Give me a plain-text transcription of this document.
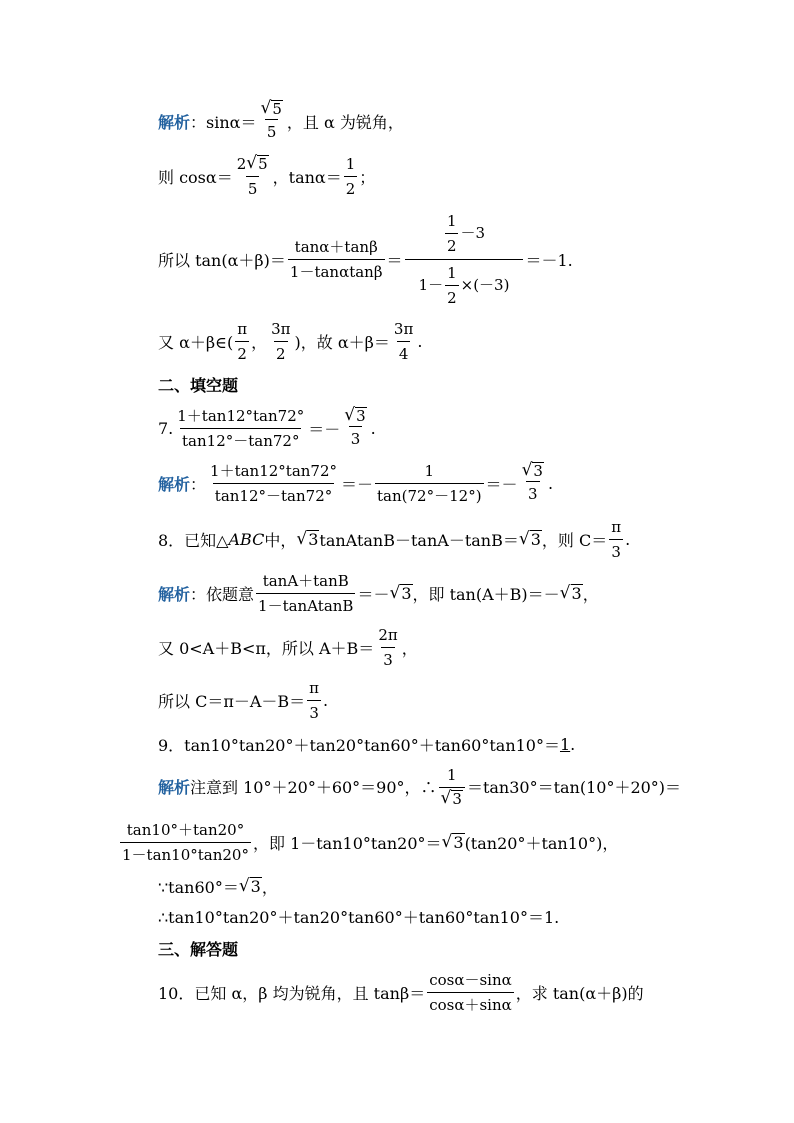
解析 ： $\sin\alpha= \frac{√ 5}{5}$ ，且 α 为锐角，
则 $\cos\alpha= \frac{2 √ 5}{5}$ ，$\tan\alpha= \frac{1}{2}$ ；
所以 $\tan(\alpha+\beta)= \frac{\tan\alpha+\tan\beta}{1-\tan\alpha\tan\beta} = \frac{\frac{1}{2} -3}{1- \frac{1}{2} \times(-3)} =-1$.
又 α＋β∈( $\frac{\pi}{2}$ ， $\frac{3\pi}{2}$ )，故 $\alpha+\beta= \frac{3\pi}{4}$ .
二、填空题
7. $\frac{1+\tan 12^\circ\tan 72^\circ}{\tan 12^\circ-\tan 72^\circ} =- \frac{√ 3}{3}$ .
解析 ： $\frac{1+\tan 12^\circ\tan 72^\circ}{\tan 12^\circ-\tan 72^\circ} =- \frac{1}{\tan(72^\circ-12^\circ)} =- \frac{√ 3}{3}$ .
8．已知△ ABC 中， √ 3 tanAtanB－tanA－tanB＝ √ 3 ，则 $C= \frac{\pi}{3}$ .
解析 ： 依题意 $\frac{\tan A+\tan B}{\text{1－tanAtanB}}$ ＝－ √ 3 ，即 tan(A＋B)＝－ √ 3 ，
又 0<A＋B<π，所以 $A+B= \frac{2\pi}{3}$ ，
所以 $C=\pi-A-B= \frac{\pi}{3}$ .
9．tan10°tan20°＋tan20°tan60°＋tan60°tan10°＝ 1 .
解析 注意到 10°＋20°＋60°＝90°，∴ $\frac{1}{√ 3} =\tan 30^\circ=\tan(10^\circ+20^\circ)=$
$\frac{\tan 10^\circ+\tan 20^\circ}{1-\tan 10^\circ\tan 20^\circ}$ ，即 1－tan10°tan20°＝ √ 3 (tan20°＋tan10°)，
∵tan60°＝ √ 3 ，
∴tan10°tan20°＋tan20°tan60°＋tan60°tan10°＝1.
三、解答题
10．已知 α，β 均为锐角，且 $\tan\beta= \frac{\cos\alpha-\sin\alpha}{\cos\alpha+\sin\alpha}$ ，求 tan(α＋β)的
